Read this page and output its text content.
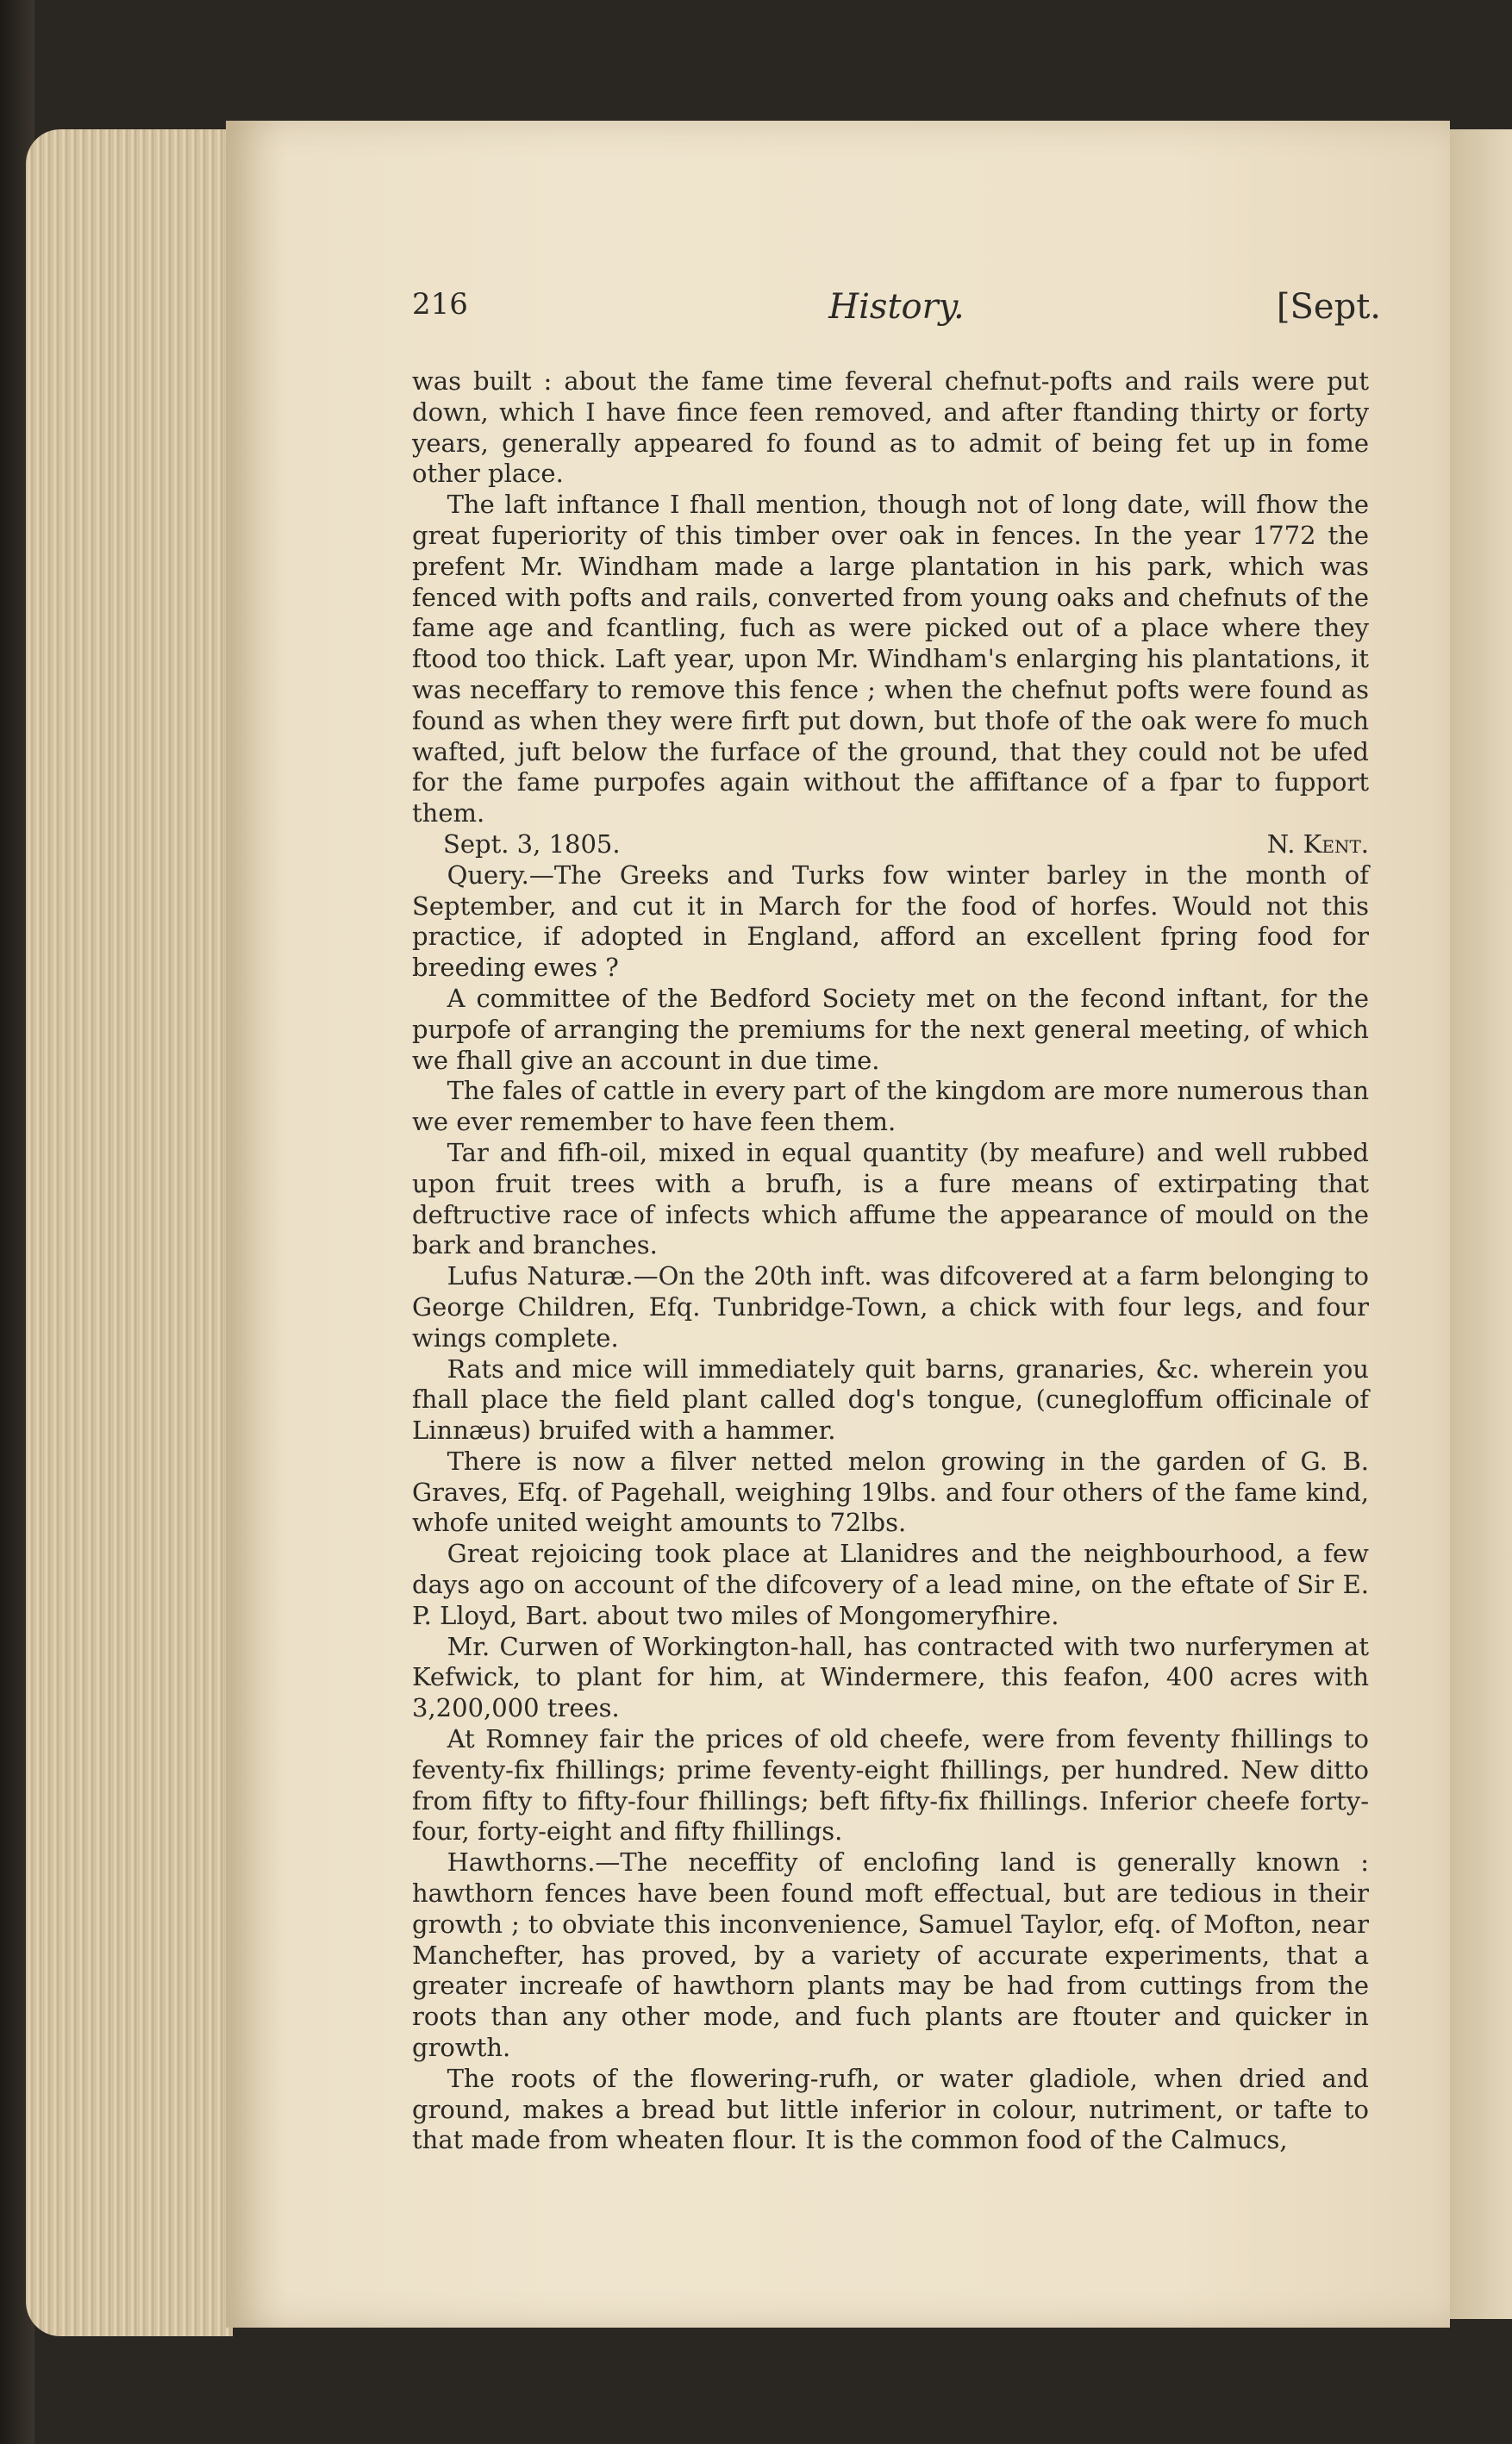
216	History.	[Sept.

was built : about the fame time feveral chefnut-pofts and rails were put down, which I have fince feen removed, and after ftanding thirty or forty years, generally appeared fo found as to admit of being fet up in fome other place.

The laft inftance I fhall mention, though not of long date, will fhow the great fuperiority of this timber over oak in fences. In the year 1772 the prefent Mr. Windham made a large plantation in his park, which was fenced with pofts and rails, converted from young oaks and chefnuts of the fame age and fcantling, fuch as were picked out of a place where they ftood too thick. Laft year, upon Mr. Windham's enlarging his plantations, it was neceffary to remove this fence ; when the chefnut pofts were found as found as when they were firft put down, but thofe of the oak were fo much wafted, juft below the furface of the ground, that they could not be ufed for the fame purpofes again without the affiftance of a fpar to fupport them.

Sept. 3, 1805.	N. Kent.

Query.—The Greeks and Turks fow winter barley in the month of September, and cut it in March for the food of horfes. Would not this practice, if adopted in England, afford an excellent fpring food for breeding ewes ?

A committee of the Bedford Society met on the fecond inftant, for the purpofe of arranging the premiums for the next general meeting, of which we fhall give an account in due time.

The fales of cattle in every part of the kingdom are more numerous than we ever remember to have feen them.

Tar and fifh-oil, mixed in equal quantity (by meafure) and well rubbed upon fruit trees with a brufh, is a fure means of extirpating that deftructive race of infects which affume the appearance of mould on the bark and branches.

Lufus Naturæ.—On the 20th inft. was difcovered at a farm belonging to George Children, Efq. Tunbridge-Town, a chick with four legs, and four wings complete.

Rats and mice will immediately quit barns, granaries, &c. wherein you fhall place the field plant called dog's tongue, (cunegloffum officinale of Linnæus) bruifed with a hammer.

There is now a filver netted melon growing in the garden of G. B. Graves, Efq. of Pagehall, weighing 19lbs. and four others of the fame kind, whofe united weight amounts to 72lbs.

Great rejoicing took place at Llanidres and the neighbourhood, a few days ago on account of the difcovery of a lead mine, on the eftate of Sir E. P. Lloyd, Bart. about two miles of Mongomeryfhire.

Mr. Curwen of Workington-hall, has contracted with two nurferymen at Kefwick, to plant for him, at Windermere, this feafon, 400 acres with 3,200,000 trees.

At Romney fair the prices of old cheefe, were from feventy fhillings to feventy-fix fhillings; prime feventy-eight fhillings, per hundred. New ditto from fifty to fifty-four fhillings; beft fifty-fix fhillings. Inferior cheefe forty-four, forty-eight and fifty fhillings.

Hawthorns.—The neceffity of enclofing land is generally known : hawthorn fences have been found moft effectual, but are tedious in their growth ; to obviate this inconvenience, Samuel Taylor, efq. of Mofton, near Manchefter, has proved, by a variety of accurate experiments, that a greater increafe of hawthorn plants may be had from cuttings from the roots than any other mode, and fuch plants are ftouter and quicker in growth.

The roots of the flowering-rufh, or water gladiole, when dried and ground, makes a bread but little inferior in colour, nutriment, or tafte to that made from wheaten flour. It is the common food of the Calmucs,
